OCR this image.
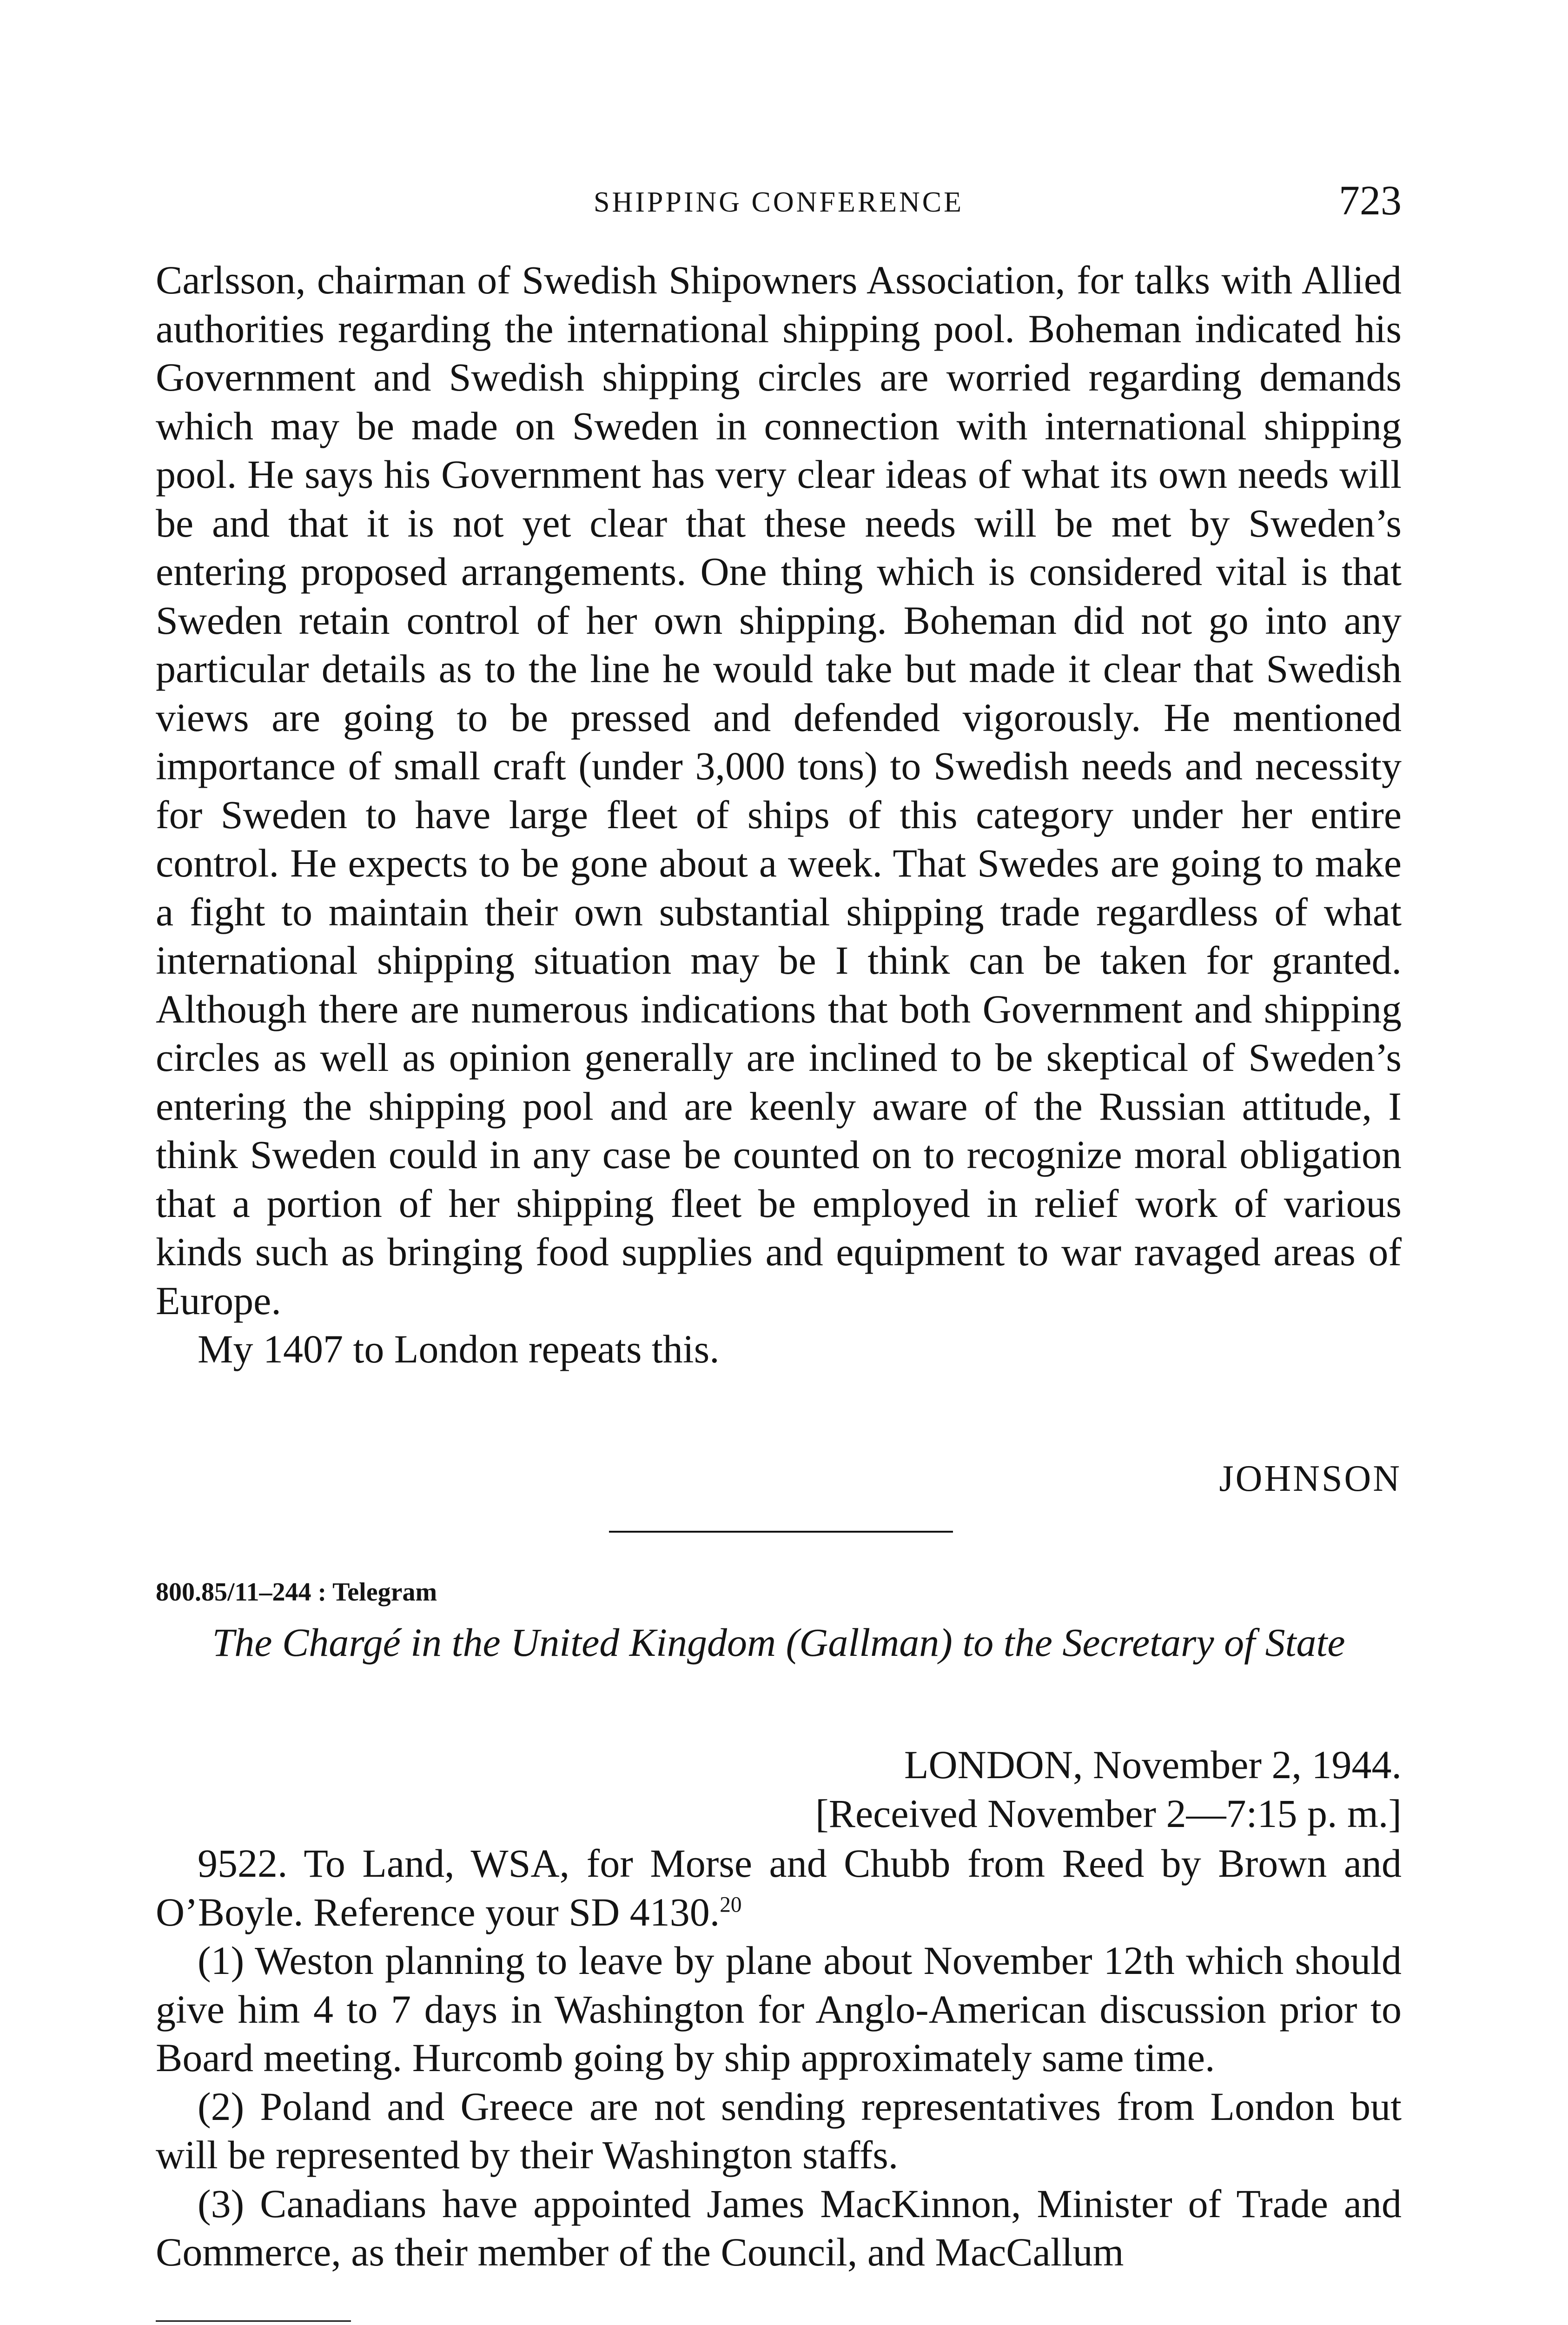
SHIPPING CONFERENCE	723

Carlsson, chairman of Swedish Shipowners Association, for talks with Allied authorities regarding the international shipping pool. Boheman indicated his Government and Swedish shipping circles are worried regarding demands which may be made on Sweden in connection with international shipping pool. He says his Government has very clear ideas of what its own needs will be and that it is not yet clear that these needs will be met by Sweden’s entering proposed arrangements. One thing which is considered vital is that Sweden retain control of her own shipping. Boheman did not go into any particular details as to the line he would take but made it clear that Swedish views are going to be pressed and defended vigorously. He mentioned importance of small craft (under 3,000 tons) to Swedish needs and necessity for Sweden to have large fleet of ships of this category under her entire control. He expects to be gone about a week. That Swedes are going to make a fight to maintain their own substantial shipping trade regardless of what international shipping situation may be I think can be taken for granted. Although there are numerous indications that both Government and shipping circles as well as opinion generally are inclined to be skeptical of Sweden’s entering the shipping pool and are keenly aware of the Russian attitude, I think Sweden could in any case be counted on to recognize moral obligation that a portion of her shipping fleet be employed in relief work of various kinds such as bringing food supplies and equipment to war ravaged areas of Europe.

My 1407 to London repeats this.

JOHNSON
800.85/11–244 : Telegram
The Chargé in the United Kingdom (Gallman) to the Secretary of State
LONDON, November 2, 1944.
[Received November 2—7:15 p. m.]

9522. To Land, WSA, for Morse and Chubb from Reed by Brown and O’Boyle. Reference your SD 4130.20

(1) Weston planning to leave by plane about November 12th which should give him 4 to 7 days in Washington for Anglo-American discussion prior to Board meeting. Hurcomb going by ship approximately same time.

(2) Poland and Greece are not sending representatives from London but will be represented by their Washington staffs.

(3) Canadians have appointed James MacKinnon, Minister of Trade and Commerce, as their member of the Council, and MacCallum
